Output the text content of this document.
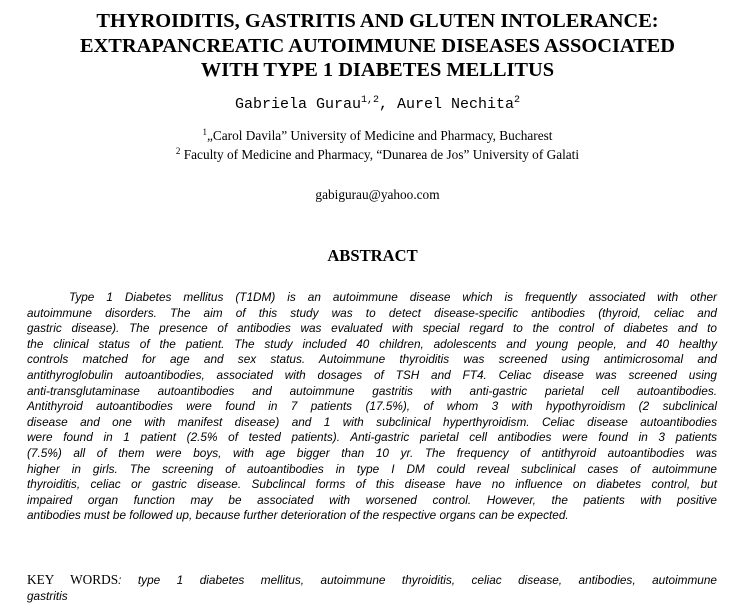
THYROIDITIS, GASTRITIS AND GLUTEN INTOLERANCE:
EXTRAPANCREATIC AUTOIMMUNE DISEASES ASSOCIATED
WITH TYPE 1 DIABETES MELLITUS
Gabriela Gurau$^{1,2}$, Aurel Nechita$^2$
$^1$„Carol Davila” University of Medicine and Pharmacy, Bucharest
$^2$ Faculty of Medicine and Pharmacy, “Dunarea de Jos” University of Galati
gabigurau@yahoo.com
ABSTRACT
Type 1 Diabetes mellitus (T1DM) is an autoimmune disease which is frequently associated with other
autoimmune disorders. The aim of this study was to detect disease-specific antibodies (thyroid, celiac and
gastric disease). The presence of antibodies was evaluated with special regard to the control of diabetes and to
the clinical status of the patient. The study included 40 children, adolescents and young people, and 40 healthy
controls matched for age and sex status. Autoimmune thyroiditis was screened using antimicrosomal and
antithyroglobulin autoantibodies, associated with dosages of TSH and FT4. Celiac disease was screened using
anti-transglutaminase autoantibodies and autoimmune gastritis with anti-gastric parietal cell autoantibodies.
Antithyroid autoantibodies were found in 7 patients (17.5%), of whom 3 with hypothyroidism (2 subclinical
disease and one with manifest disease) and 1 with subclinical hyperthyroidism. Celiac disease autoantibodies
were found in 1 patient (2.5% of tested patients). Anti-gastric parietal cell antibodies were found in 3 patients
(7.5%) all of them were boys, with age bigger than 10 yr. The frequency of antithyroid autoantibodies was
higher in girls. The screening of autoantibodies in type I DM could reveal subclinical cases of autoimmune
thyroiditis, celiac or gastric disease. Subclincal forms of this disease have no influence on diabetes control, but
impaired organ function may be associated with worsened control. However, the patients with positive
antibodies must be followed up, because further deterioration of the respective organs can be expected.
KEY WORDS: type 1 diabetes mellitus, autoimmune thyroiditis, celiac disease, antibodies, autoimmune
gastritis
